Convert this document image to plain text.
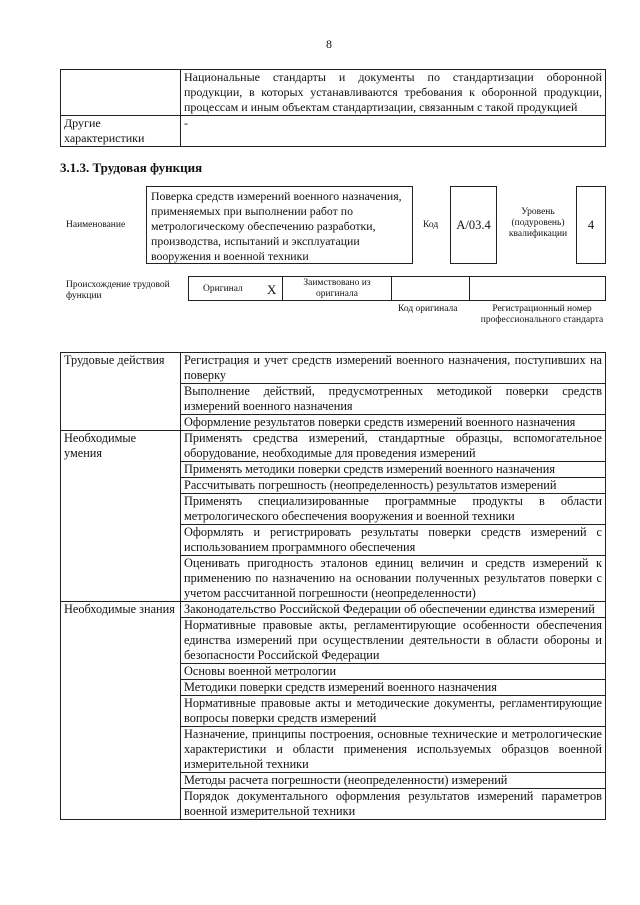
8
	Национальные стандарты и документы по стандартизации оборонной продукции, в которых устанавливаются требования к оборонной продукции, процессам и иным объектам стандартизации, связанным с такой продукцией
Другие характеристики	-
3.1.3. Трудовая функция
Наименование
Поверка средств измерений военного назначения, применяемых при выполнении работ по метрологическому обеспечению разработки, производства, испытаний и эксплуатации вооружения и военной техники
Код	A/03.4
Уровень (подуровень) квалификации
4
Происхождение трудовой функции
Оригинал X	Заимствовано из оригинала
Код оригинала	Регистрационный номер профессионального стандарта
Трудовые действия	Регистрация и учет средств измерений военного назначения, поступивших на поверку
	Выполнение действий, предусмотренных методикой поверки средств измерений военного назначения
	Оформление результатов поверки средств измерений военного назначения
Необходимые умения	Применять средства измерений, стандартные образцы, вспомогательное оборудование, необходимые для проведения измерений
	Применять методики поверки средств измерений военного назначения
	Рассчитывать погрешность (неопределенность) результатов измерений
	Применять специализированные программные продукты в области метрологического обеспечения вооружения и военной техники
	Оформлять и регистрировать результаты поверки средств измерений с использованием программного обеспечения
	Оценивать пригодность эталонов единиц величин и средств измерений к применению по назначению на основании полученных результатов поверки с учетом рассчитанной погрешности (неопределенности)
Необходимые знания	Законодательство Российской Федерации об обеспечении единства измерений
	Нормативные правовые акты, регламентирующие особенности обеспечения единства измерений при осуществлении деятельности в области обороны и безопасности Российской Федерации
	Основы военной метрологии
	Методики поверки средств измерений военного назначения
	Нормативные правовые акты и методические документы, регламентирующие вопросы поверки средств измерений
	Назначение, принципы построения, основные технические и метрологические характеристики и области применения используемых образцов военной измерительной техники
	Методы расчета погрешности (неопределенности) измерений
	Порядок документального оформления результатов измерений параметров военной измерительной техники
